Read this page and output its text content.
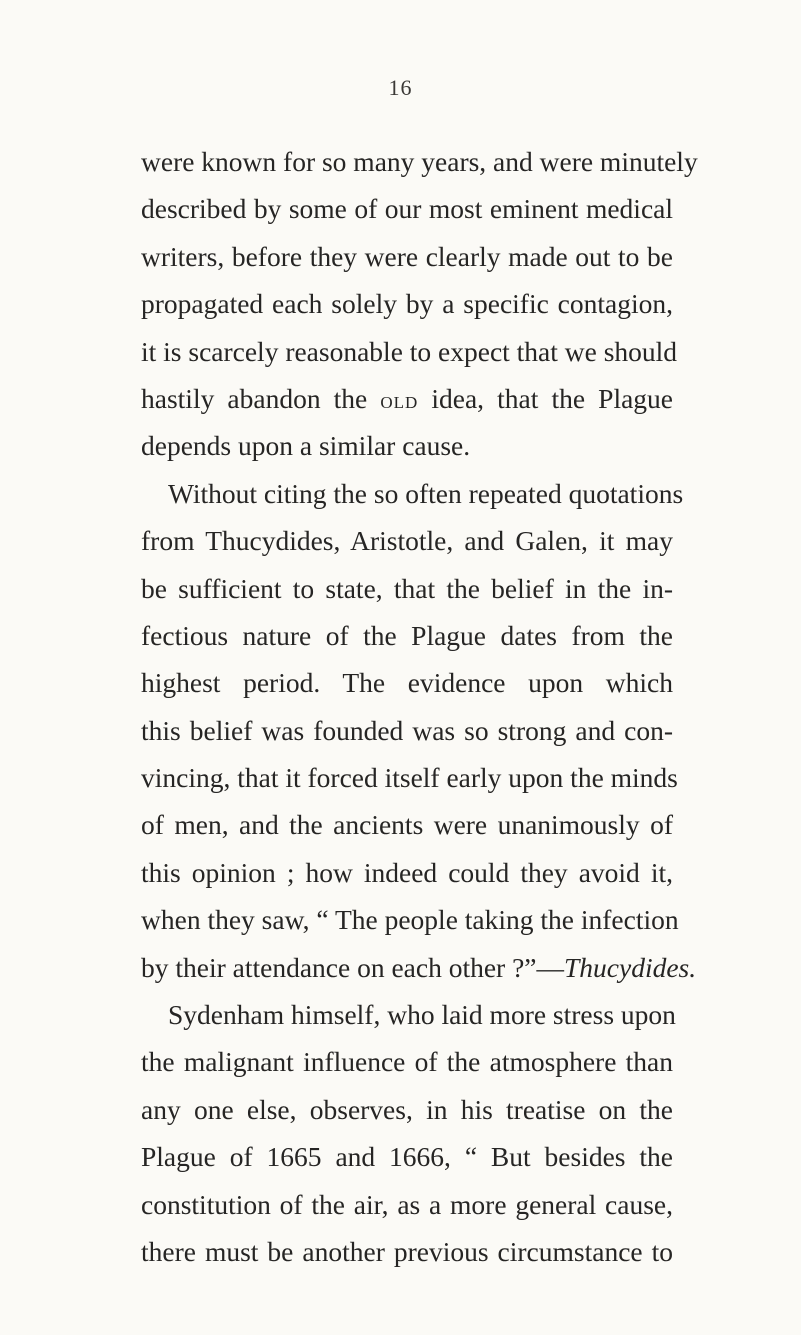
16
were known for so many years, and were minutely
described by some of our most eminent medical
writers, before they were clearly made out to be
propagated each solely by a specific contagion,
it is scarcely reasonable to expect that we should
hastily abandon the old idea, that the Plague
depends upon a similar cause.
Without citing the so often repeated quotations
from Thucydides, Aristotle, and Galen, it may
be sufficient to state, that the belief in the in-
fectious nature of the Plague dates from the
highest period. The evidence upon which
this belief was founded was so strong and con-
vincing, that it forced itself early upon the minds
of men, and the ancients were unanimously of
this opinion ; how indeed could they avoid it,
when they saw, “ The people taking the infection
by their attendance on each other ?”—Thucydides.
Sydenham himself, who laid more stress upon
the malignant influence of the atmosphere than
any one else, observes, in his treatise on the
Plague of 1665 and 1666, “ But besides the
constitution of the air, as a more general cause,
there must be another previous circumstance to
